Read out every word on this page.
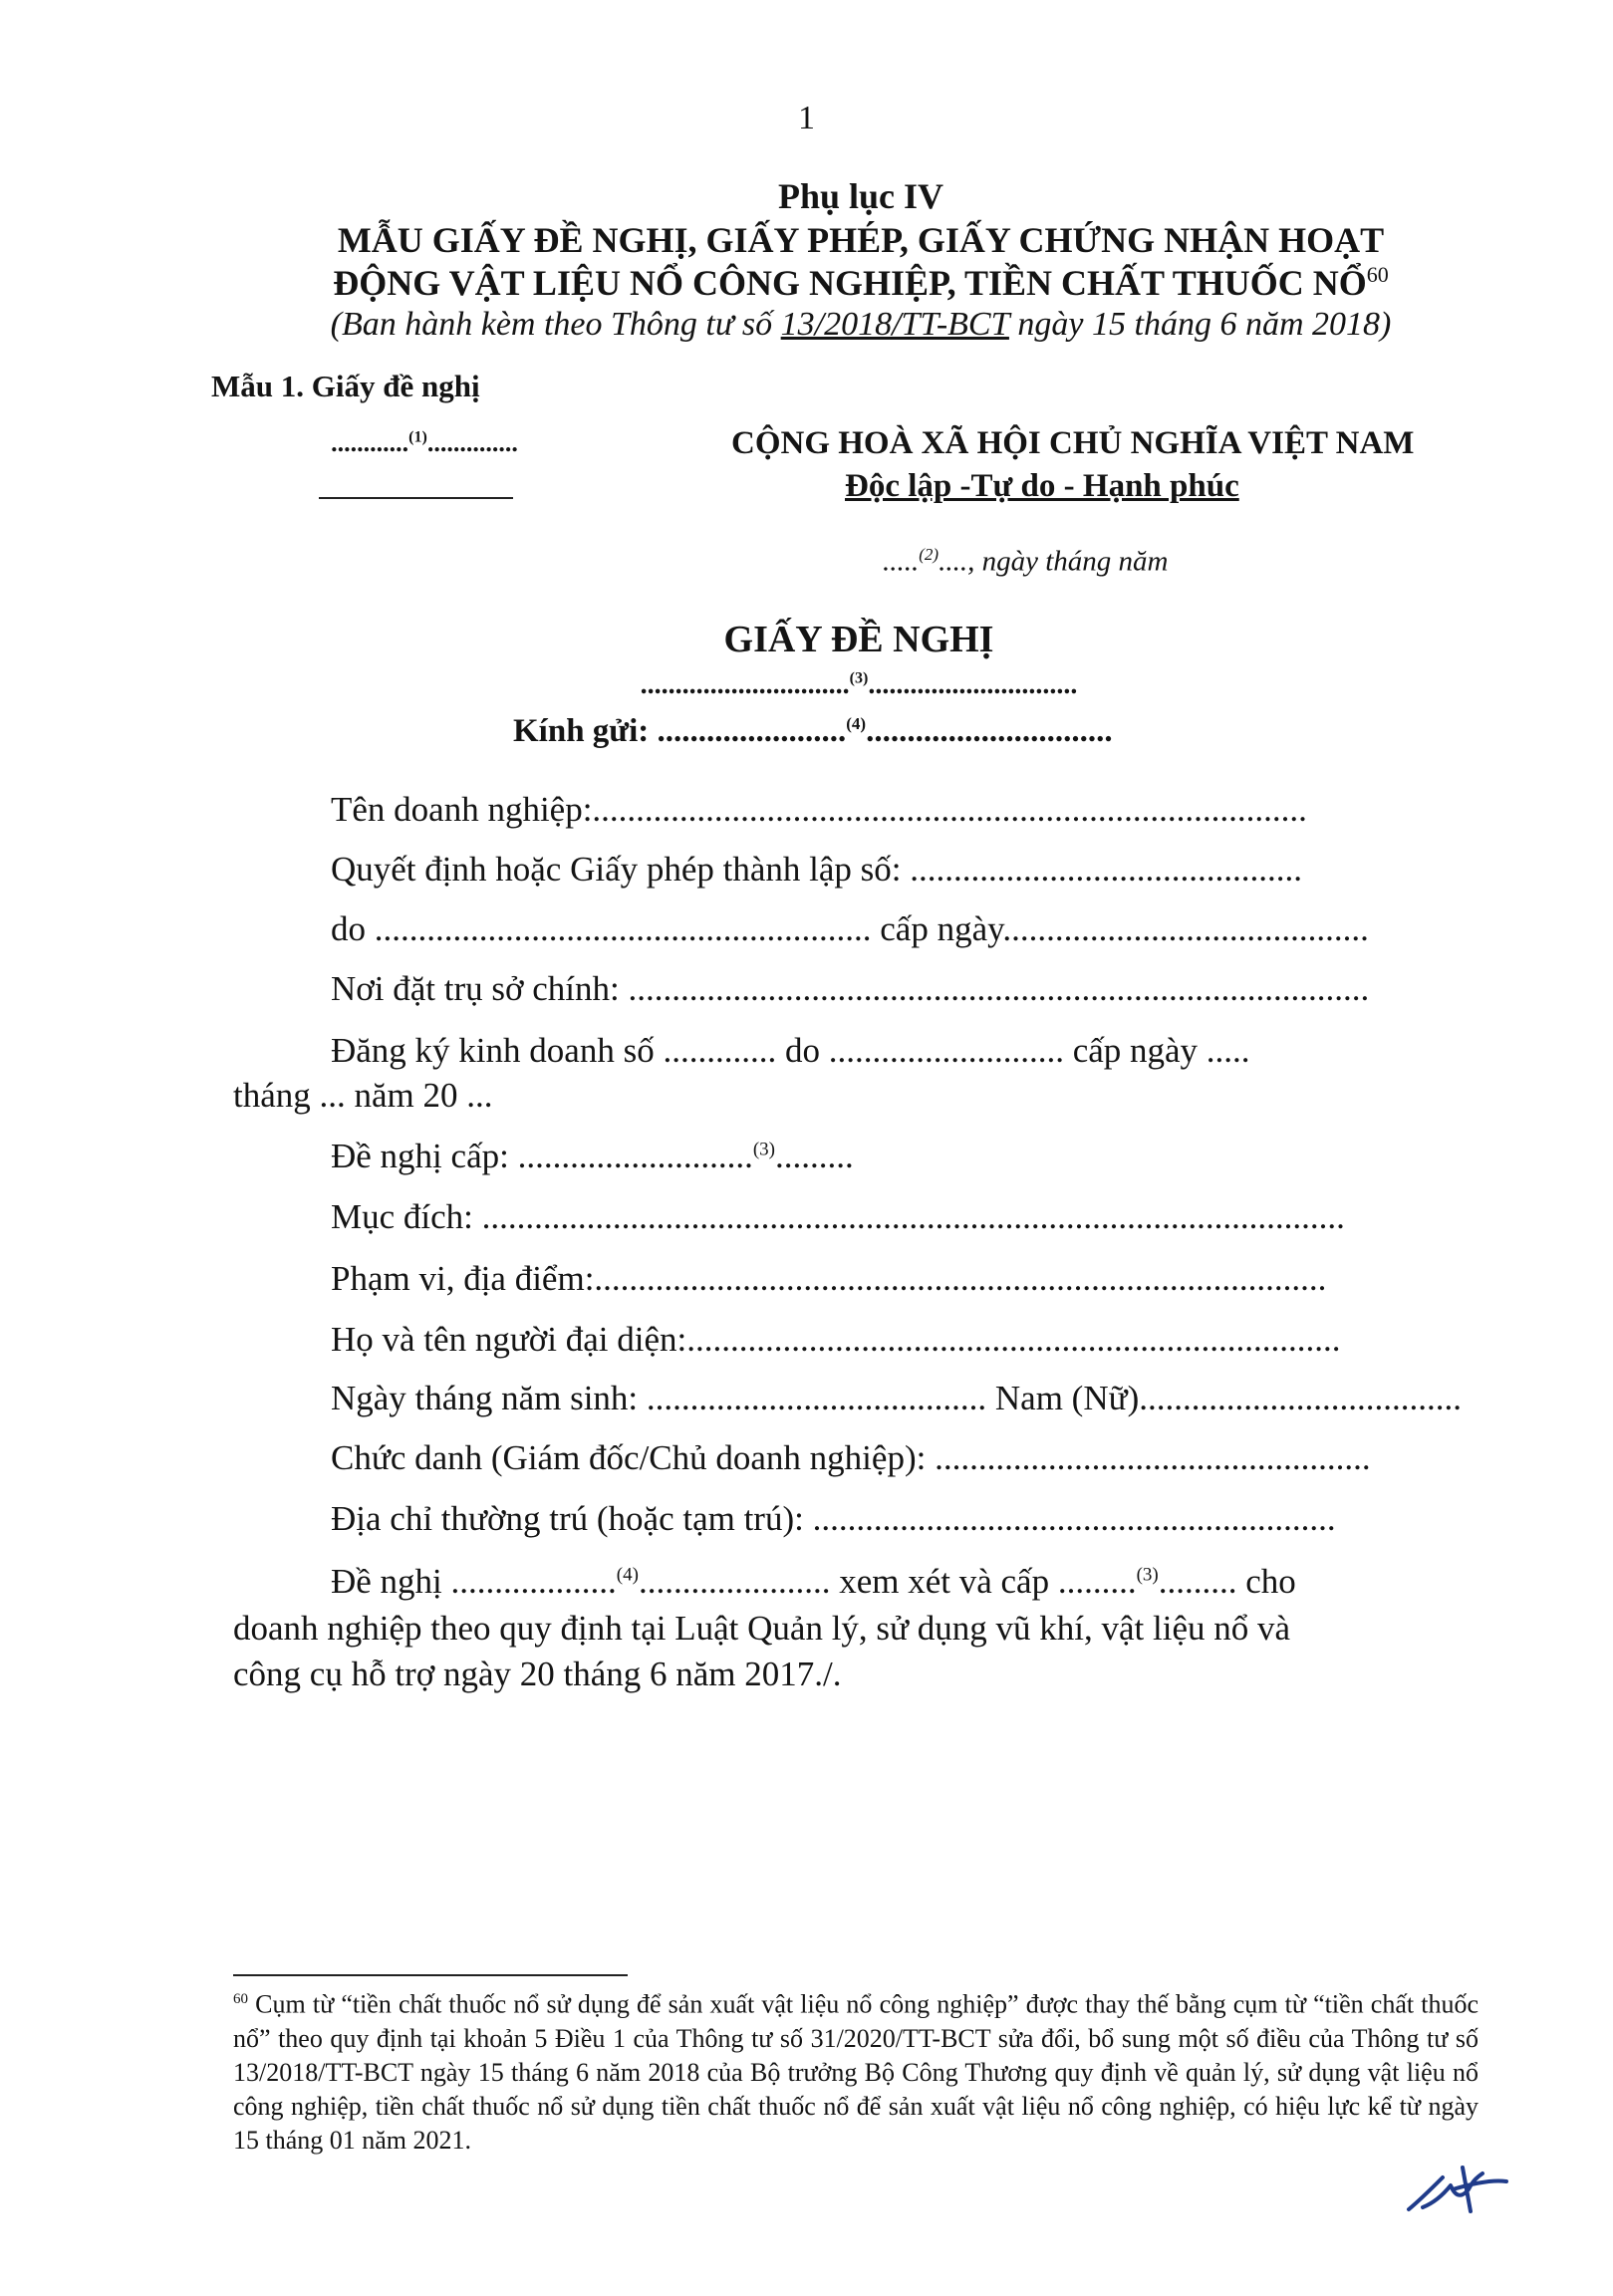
1
Phụ lục IV
MẪU GIẤY ĐỀ NGHỊ, GIẤY PHÉP, GIẤY CHỨNG NHẬN HOẠT
ĐỘNG VẬT LIỆU NỔ CÔNG NGHIỆP, TIỀN CHẤT THUỐC NỔ$^{60}$
(Ban hành kèm theo Thông tư số 13/2018/TT-BCT ngày 15 tháng 6 năm 2018)
Mẫu 1. Giấy đề nghị
............$^{(1)}$..............	CỘNG HOÀ XÃ HỘI CHỦ NGHĨA VIỆT NAM
Độc lập -Tự do - Hạnh phúc
.....$^{(2)}$...., ngày tháng năm
GIẤY ĐỀ NGHỊ
..............................$^{(3)}$..............................
Kính gửi: .......................$^{(4)}$..............................
Tên doanh nghiệp:..................................................................................
Quyết định hoặc Giấy phép thành lập số: .............................................
do ......................................................... cấp ngày..........................................
Nơi đặt trụ sở chính: .....................................................................................
Đăng ký kinh doanh số ............. do ........................... cấp ngày .....
tháng ... năm 20 ...
Đề nghị cấp: ...........................$^{(3)}$.........
Mục đích: ...................................................................................................
Phạm vi, địa điểm:....................................................................................
Họ và tên người đại diện:...........................................................................
Ngày tháng năm sinh: ....................................... Nam (Nữ).....................................
Chức danh (Giám đốc/Chủ doanh nghiệp): ..................................................
Địa chỉ thường trú (hoặc tạm trú): ............................................................
Đề nghị ...................$^{(4)}$...................... xem xét và cấp .........$^{(3)}$......... cho
doanh nghiệp theo quy định tại Luật Quản lý, sử dụng vũ khí, vật liệu nổ và
công cụ hỗ trợ ngày 20 tháng 6 năm 2017./.
$^{60}$ Cụm từ “tiền chất thuốc nổ sử dụng để sản xuất vật liệu nổ công nghiệp” được thay thế bằng cụm từ “tiền chất thuốc nổ” theo quy định tại khoản 5 Điều 1 của Thông tư số 31/2020/TT-BCT sửa đổi, bổ sung một số điều của Thông tư số 13/2018/TT-BCT ngày 15 tháng 6 năm 2018 của Bộ trưởng Bộ Công Thương quy định về quản lý, sử dụng vật liệu nổ công nghiệp, tiền chất thuốc nổ sử dụng tiền chất thuốc nổ để sản xuất vật liệu nổ công nghiệp, có hiệu lực kể từ ngày 15 tháng 01 năm 2021.
